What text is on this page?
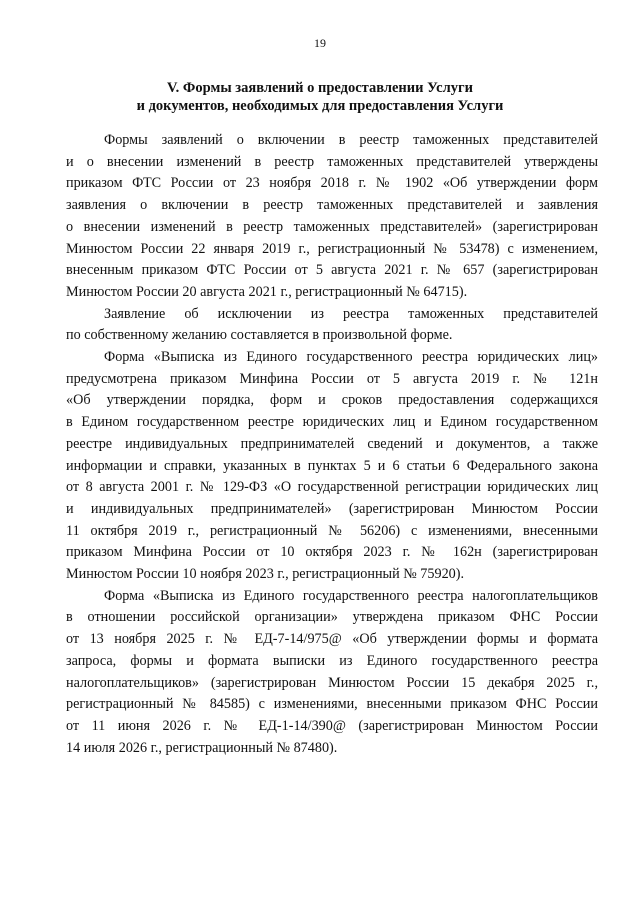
19
V. Формы заявлений о предоставлении Услуги
и документов, необходимых для предоставления Услуги
Формы заявлений о включении в реестр таможенных представителей
и о внесении изменений в реестр таможенных представителей утверждены
приказом ФТС России от 23 ноября 2018 г. № 1902 «Об утверждении форм
заявления о включении в реестр таможенных представителей и заявления
о внесении изменений в реестр таможенных представителей» (зарегистрирован
Минюстом России 22 января 2019 г., регистрационный № 53478) с изменением,
внесенным приказом ФТС России от 5 августа 2021 г. № 657 (зарегистрирован
Минюстом России 20 августа 2021 г., регистрационный № 64715).
Заявление об исключении из реестра таможенных представителей
по собственному желанию составляется в произвольной форме.
Форма «Выписка из Единого государственного реестра юридических лиц»
предусмотрена приказом Минфина России от 5 августа 2019 г. № 121н
«Об утверждении порядка, форм и сроков предоставления содержащихся
в Едином государственном реестре юридических лиц и Едином государственном
реестре индивидуальных предпринимателей сведений и документов, а также
информации и справки, указанных в пунктах 5 и 6 статьи 6 Федерального закона
от 8 августа 2001 г. № 129-ФЗ «О государственной регистрации юридических лиц
и индивидуальных предпринимателей» (зарегистрирован Минюстом России
11 октября 2019 г., регистрационный № 56206) с изменениями, внесенными
приказом Минфина России от 10 октября 2023 г. № 162н (зарегистрирован
Минюстом России 10 ноября 2023 г., регистрационный № 75920).
Форма «Выписка из Единого государственного реестра налогоплательщиков
в отношении российской организации» утверждена приказом ФНС России
от 13 ноября 2025 г. № ЕД-7-14/975@ «Об утверждении формы и формата
запроса, формы и формата выписки из Единого государственного реестра
налогоплательщиков» (зарегистрирован Минюстом России 15 декабря 2025 г.,
регистрационный № 84585) с изменениями, внесенными приказом ФНС России
от 11 июня 2026 г. № ЕД-1-14/390@ (зарегистрирован Минюстом России
14 июля 2026 г., регистрационный № 87480).
